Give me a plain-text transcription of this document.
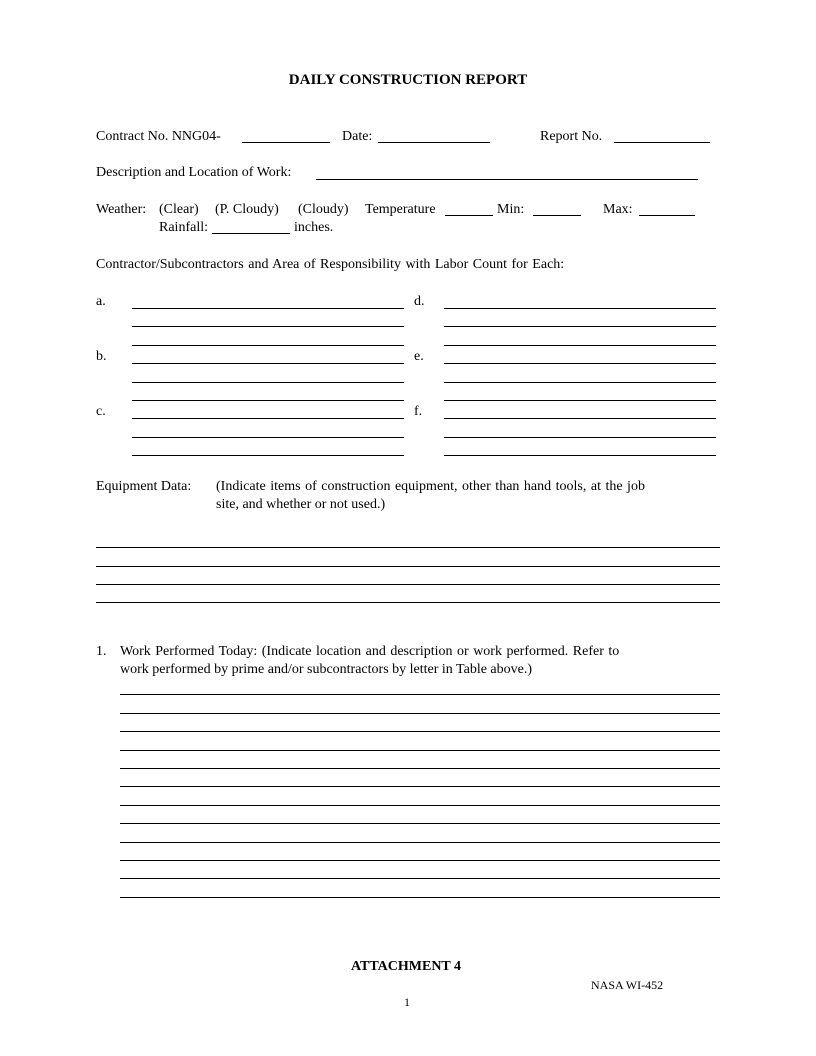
DAILY CONSTRUCTION REPORT
Contract No. NNG04-	Date:	Report No.
Description and Location of Work:
Weather: (Clear) (P. Cloudy) (Cloudy) Temperature	Min:	Max:
Rainfall:	inches.
Contractor/Subcontractors and Area of Responsibility with Labor Count for Each:
a.
b.
c.
d.
e.
f.
Equipment Data: (Indicate items of construction equipment, other than hand tools, at the job
site, and whether or not used.)
1. Work Performed Today: (Indicate location and description or work performed. Refer to
work performed by prime and/or subcontractors by letter in Table above.)
ATTACHMENT 4
NASA WI-452
1
